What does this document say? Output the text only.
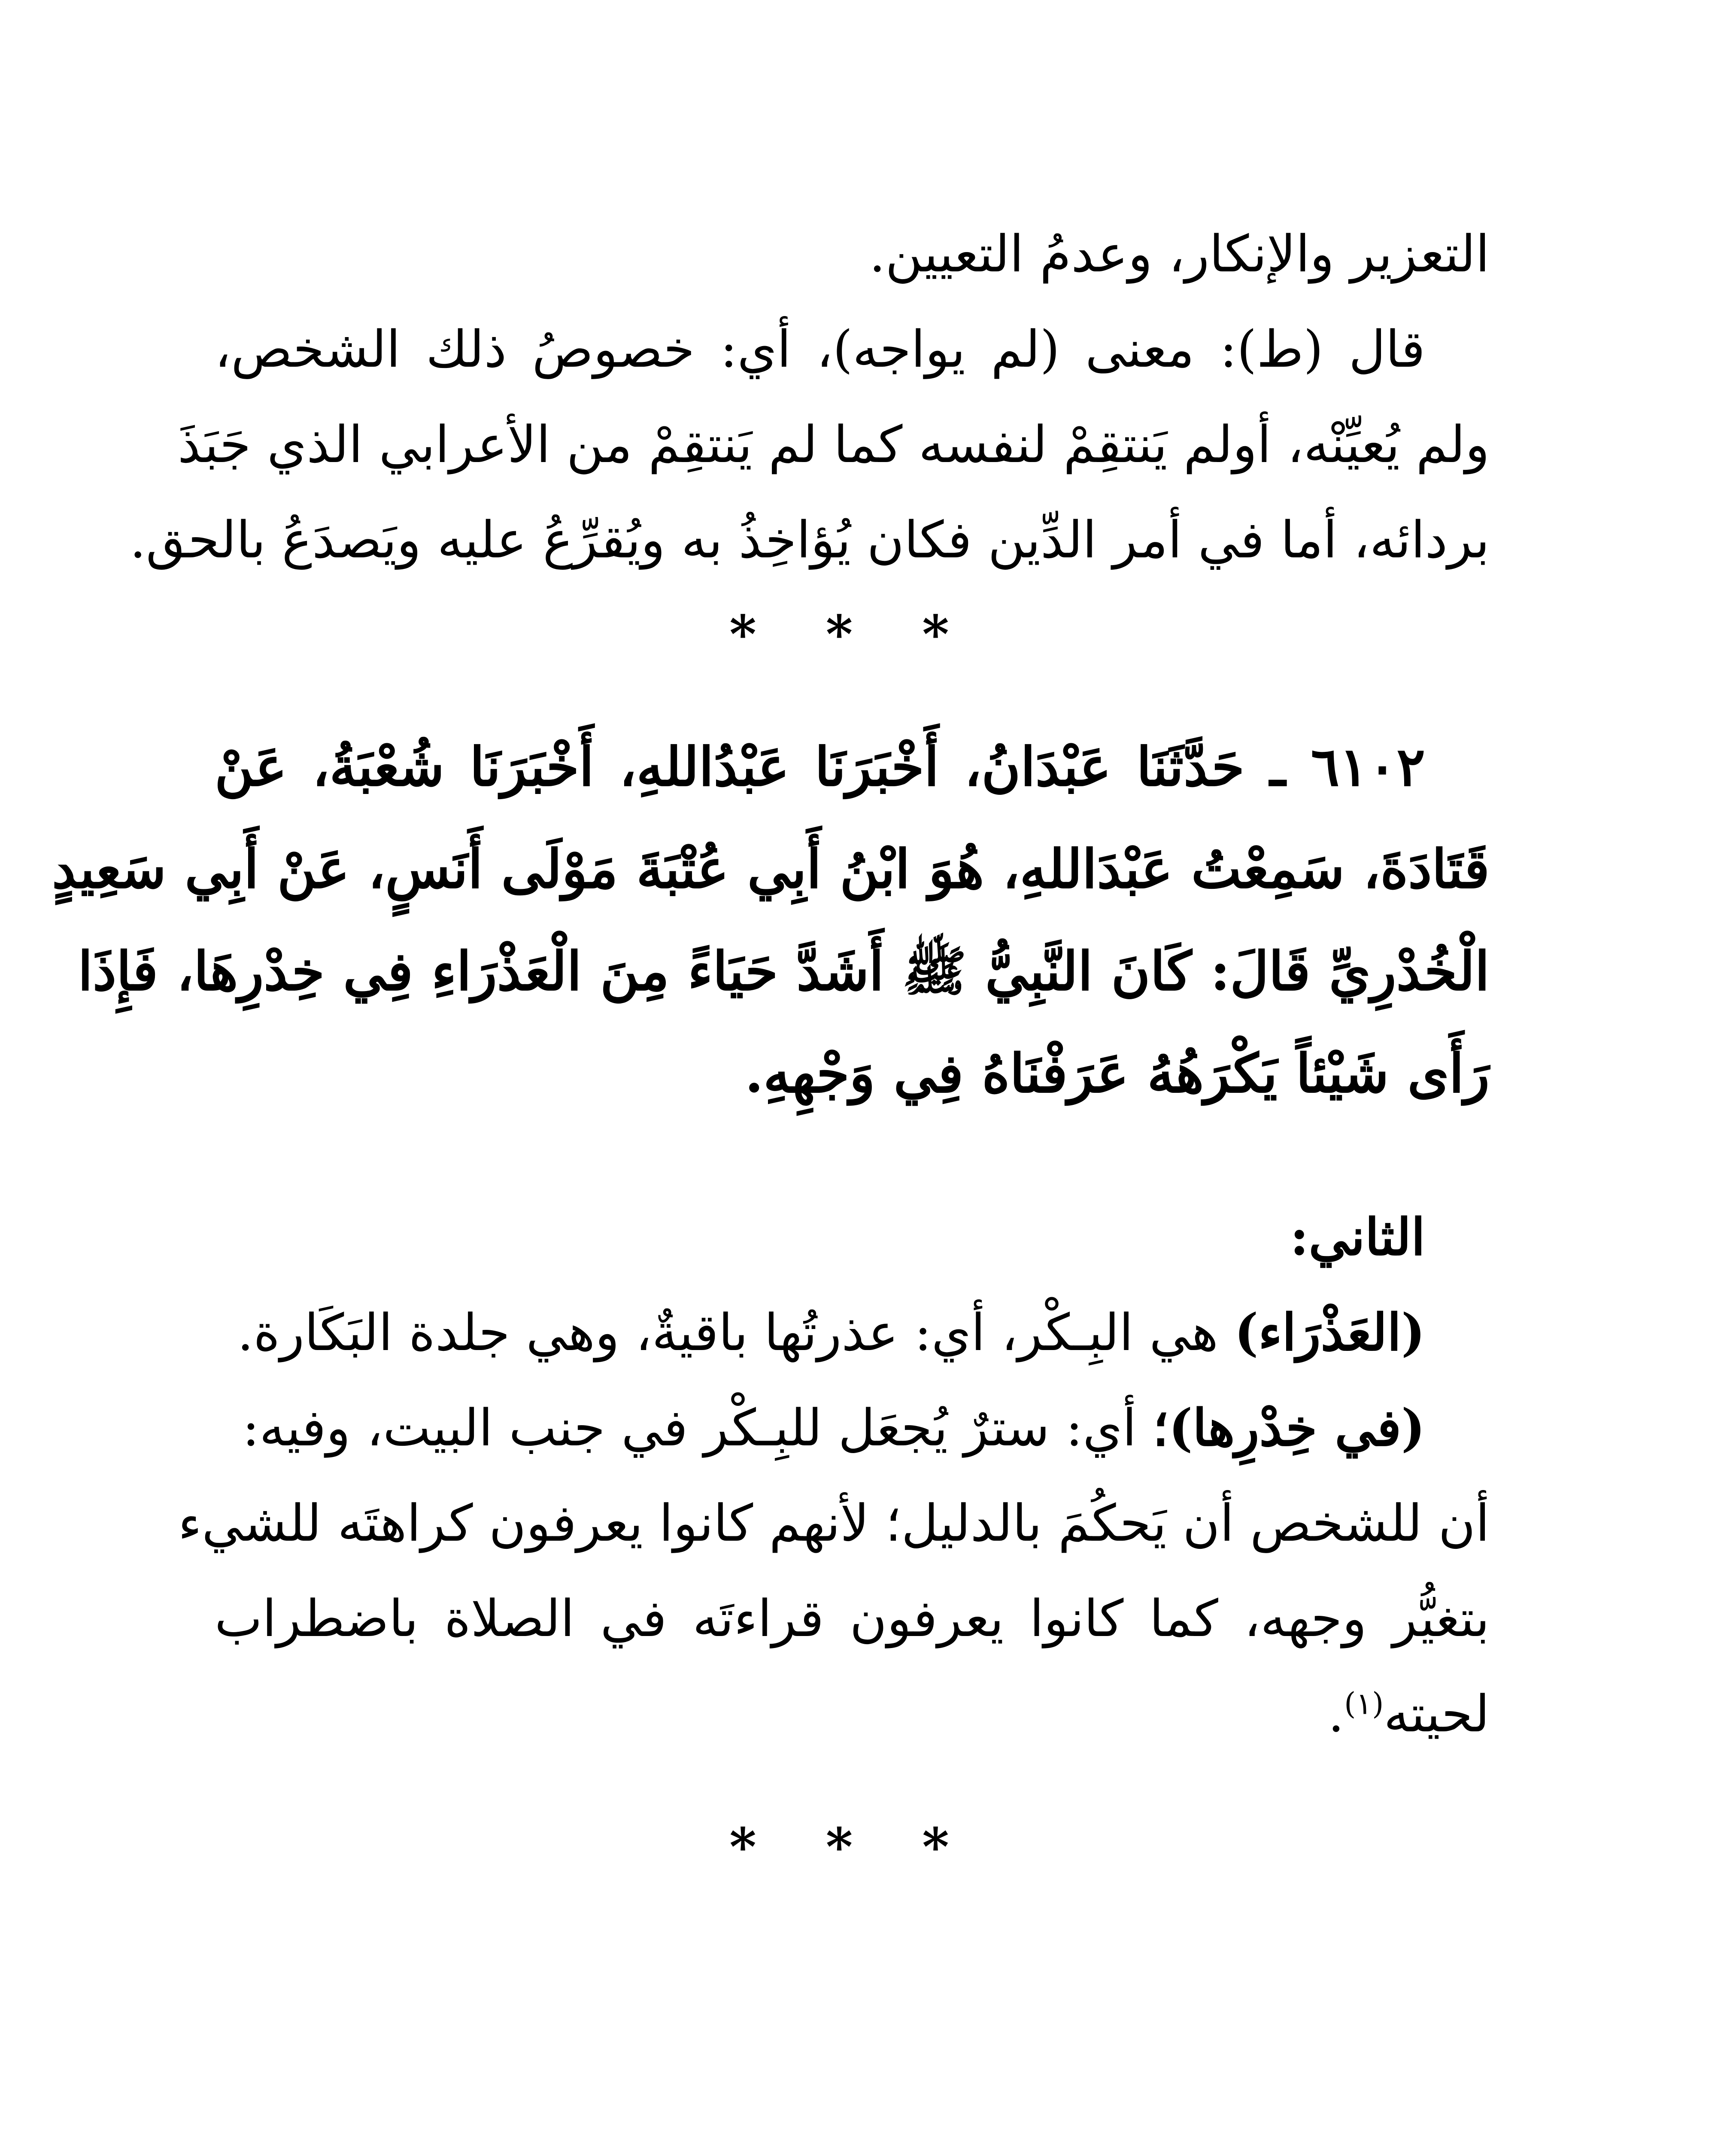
التعزير والإنكار، وعدمُ التعيين.
قال (ط): معنى (لم يواجه)، أي: خصوصُ ذلك الشخص،
ولم يُعيِّنْه، أولم يَنتقِمْ لنفسه كما لم يَنتقِمْ من الأعرابي الذي جَبَذَ
بردائه، أما في أمر الدِّين فكان يُؤاخِذُ به ويُقرِّعُ عليه ويَصدَعُ بالحق.
* * *
٦١٠٢ ـ حَدَّثَنَا عَبْدَانُ، أَخْبَرَنَا عَبْدُاللهِ، أَخْبَرَنَا شُعْبَةُ، عَنْ
قَتَادَةَ، سَمِعْتُ عَبْدَاللهِ، هُوَ ابْنُ أَبِي عُتْبَةَ مَوْلَى أَنَسٍ، عَنْ أَبِي سَعِيدٍ
الْخُدْرِيِّ قَالَ: كَانَ النَّبِيُّ ﷺ أَشَدَّ حَيَاءً مِنَ الْعَذْرَاءِ فِي خِدْرِهَا، فَإِذَا
رَأَى شَيْئاً يَكْرَهُهُ عَرَفْنَاهُ فِي وَجْهِهِ.
الثاني:
(العَذْرَاء) هي البِـكْر، أي: عذرتُها باقيةٌ، وهي جلدة البَكَارة.
(في خِدْرِها)؛ أي: سترٌ يُجعَل للبِـكْر في جنب البيت، وفيه:
أن للشخص أن يَحكُمَ بالدليل؛ لأنهم كانوا يعرفون كراهتَه للشيء
بتغيُّر وجهه، كما كانوا يعرفون قراءتَه في الصلاة باضطراب
لحيته$^{(١)}$.
* * *
